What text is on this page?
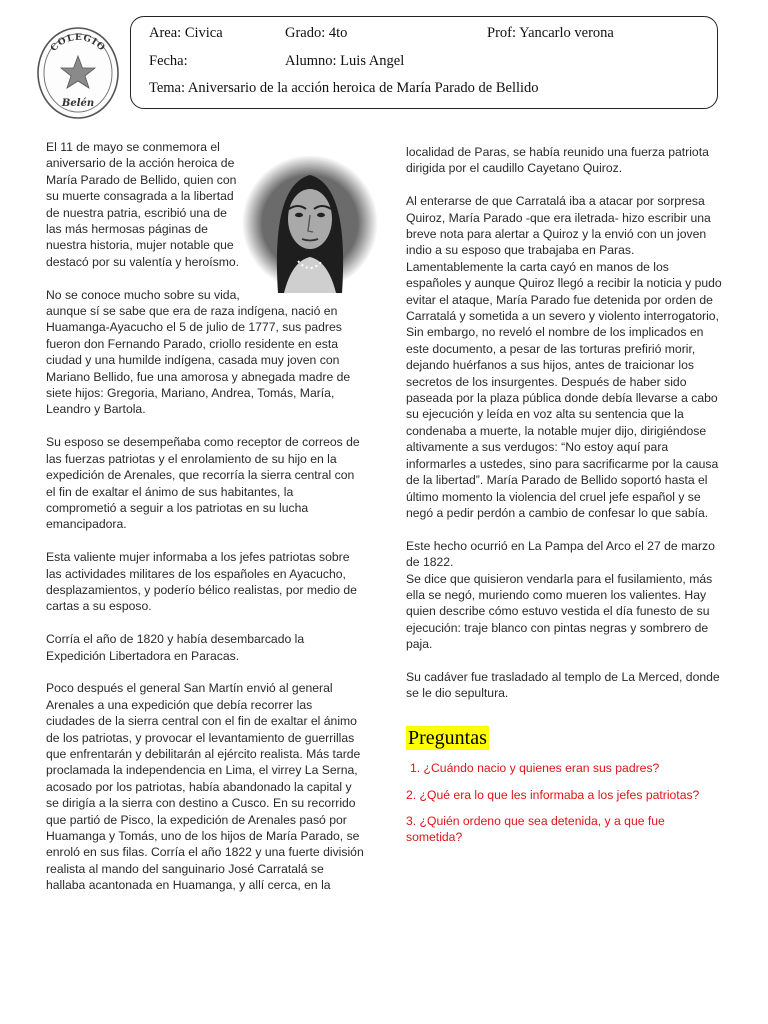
COLEGIO
Belén
Area: Civica	Grado: 4to	Prof: Yancarlo verona
Fecha:	Alumno: Luis Angel
Tema: Aniversario de la acción heroica de María Parado de Bellido

El 11 de mayo se conmemora el aniversario de la acción heroica de María Parado de Bellido, quien con su muerte consagrada a la libertad de nuestra patria, escribió una de las más hermosas páginas de nuestra historia, mujer notable que destacó por su valentía y heroísmo.

No se conoce mucho sobre su vida, aunque sí se sabe que era de raza indígena, nació en Huamanga-Ayacucho el 5 de julio de 1777, sus padres fueron don Fernando Parado, criollo residente en esta ciudad y una humilde indígena, casada muy joven con Mariano Bellido, fue una amorosa y abnegada madre de siete hijos: Gregoria, Mariano, Andrea, Tomás, María, Leandro y Bartola.

Su esposo se desempeñaba como receptor de correos de las fuerzas patriotas y el enrolamiento de su hijo en la expedición de Arenales, que recorría la sierra central con el fin de exaltar el ánimo de sus habitantes, la comprometió a seguir a los patriotas en su lucha emancipadora.

Esta valiente mujer informaba a los jefes patriotas sobre las actividades militares de los españoles en Ayacucho, desplazamientos, y poderío bélico realistas, por medio de cartas a su esposo.

Corría el año de 1820 y había desembarcado la Expedición Libertadora en Paracas.

Poco después el general San Martín envió al general Arenales a una expedición que debía recorrer las ciudades de la sierra central con el fin de exaltar el ánimo de los patriotas, y provocar el levantamiento de guerrillas que enfrentarán y debilitarán al ejército realista. Más tarde proclamada la independencia en Lima, el virrey La Serna, acosado por los patriotas, había abandonado la capital y se dirigía a la sierra con destino a Cusco. En su recorrido que partió de Pisco, la expedición de Arenales pasó por Huamanga y Tomás, uno de los hijos de María Parado, se enroló en sus filas. Corría el año 1822 y una fuerte división realista al mando del sanguinario José Carratalá se hallaba acantonada en Huamanga, y allí cerca, en la

localidad de Paras, se había reunido una fuerza patriota dirigida por el caudillo Cayetano Quiroz.

Al enterarse de que Carratalá iba a atacar por sorpresa Quiroz, María Parado -que era iletrada- hizo escribir una breve nota para alertar a Quiroz y la envió con un joven indio a su esposo que trabajaba en Paras. Lamentablemente la carta cayó en manos de los españoles y aunque Quiroz llegó a recibir la noticia y pudo evitar el ataque, María Parado fue detenida por orden de Carratalá y sometida a un severo y violento interrogatorio, Sin embargo, no reveló el nombre de los implicados en este documento, a pesar de las torturas prefirió morir, dejando huérfanos a sus hijos, antes de traicionar los secretos de los insurgentes. Después de haber sido paseada por la plaza pública donde debía llevarse a cabo su ejecución y leída en voz alta su sentencia que la condenaba a muerte, la notable mujer dijo, dirigiéndose altivamente a sus verdugos: “No estoy aquí para informarles a ustedes, sino para sacrificarme por la causa de la libertad”. María Parado de Bellido soportó hasta el último momento la violencia del cruel jefe español y se negó a pedir perdón a cambio de confesar lo que sabía.

Este hecho ocurrió en La Pampa del Arco el 27 de marzo de 1822.

Se dice que quisieron vendarla para el fusilamiento, más ella se negó, muriendo como mueren los valientes. Hay quien describe cómo estuvo vestida el día funesto de su ejecución: traje blanco con pintas negras y sombrero de paja.

Su cadáver fue trasladado al templo de La Merced, donde se le dio sepultura.

Preguntas

1. ¿Cuándo nacio y quienes eran sus padres?

2. ¿Qué era lo que les informaba a los jefes patriotas?

3. ¿Quién ordeno que sea detenida, y a que fue sometida?
